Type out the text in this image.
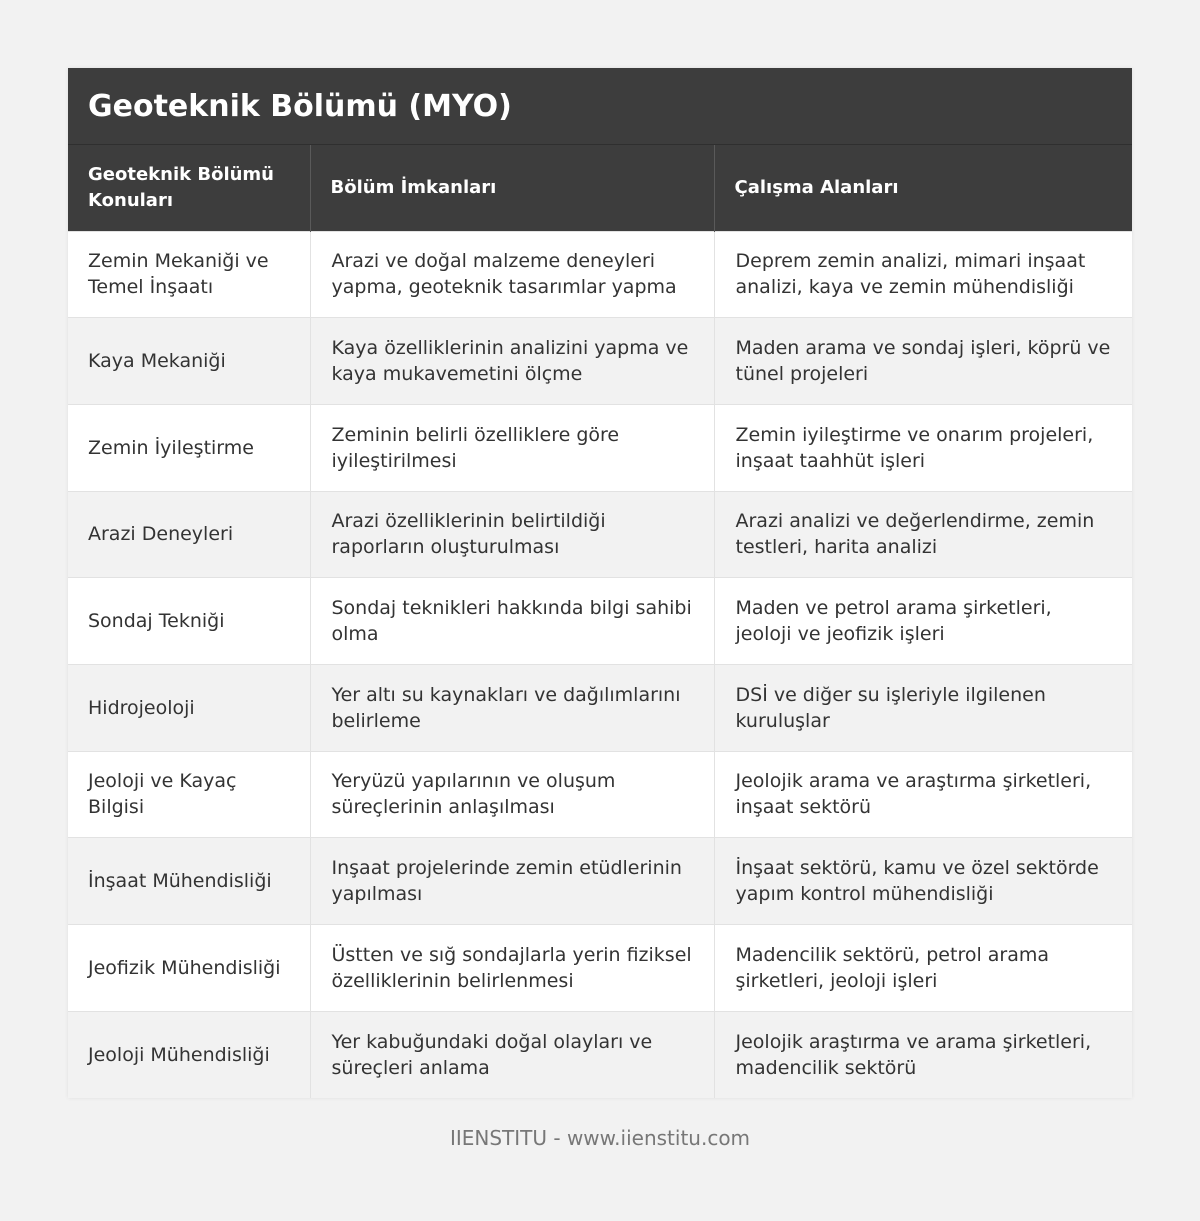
Geoteknik Bölümü (MYO)
Geoteknik Bölümü Konuları	Bölüm İmkanları	Çalışma Alanları
Zemin Mekaniği ve Temel İnşaatı	Arazi ve doğal malzeme deneyleri yapma, geoteknik tasarımlar yapma	Deprem zemin analizi, mimari inşaat analizi, kaya ve zemin mühendisliği
Kaya Mekaniği	Kaya özelliklerinin analizini yapma ve kaya mukavemetini ölçme	Maden arama ve sondaj işleri, köprü ve tünel projeleri
Zemin İyileştirme	Zeminin belirli özelliklere göre iyileştirilmesi	Zemin iyileştirme ve onarım projeleri, inşaat taahhüt işleri
Arazi Deneyleri	Arazi özelliklerinin belirtildiği raporların oluşturulması	Arazi analizi ve değerlendirme, zemin testleri, harita analizi
Sondaj Tekniği	Sondaj teknikleri hakkında bilgi sahibi olma	Maden ve petrol arama şirketleri, jeoloji ve jeofizik işleri
Hidrojeoloji	Yer altı su kaynakları ve dağılımlarını belirleme	DSİ ve diğer su işleriyle ilgilenen kuruluşlar
Jeoloji ve Kayaç Bilgisi	Yeryüzü yapılarının ve oluşum süreçlerinin anlaşılması	Jeolojik arama ve araştırma şirketleri, inşaat sektörü
İnşaat Mühendisliği	Inşaat projelerinde zemin etüdlerinin yapılması	İnşaat sektörü, kamu ve özel sektörde yapım kontrol mühendisliği
Jeofizik Mühendisliği	Üstten ve sığ sondajlarla yerin fiziksel özelliklerinin belirlenmesi	Madencilik sektörü, petrol arama şirketleri, jeoloji işleri
Jeoloji Mühendisliği	Yer kabuğundaki doğal olayları ve süreçleri anlama	Jeolojik araştırma ve arama şirketleri, madencilik sektörü
IIENSTITU - www.iienstitu.com
